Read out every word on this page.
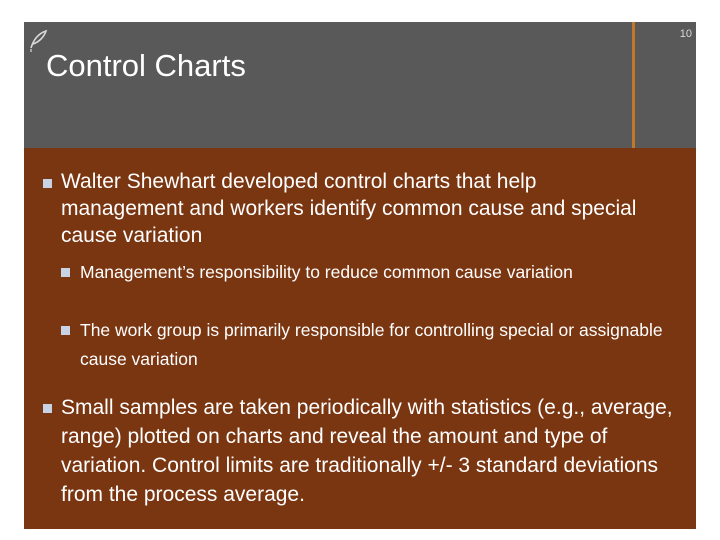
10
Control Charts
Walter Shewhart developed control charts that help management and workers identify common cause and special cause variation
Management’s responsibility to reduce common cause variation
The work group is primarily responsible for controlling special or assignable cause variation
Small samples are taken periodically with statistics (e.g., average, range) plotted on charts and reveal the amount and type of variation. Control limits are traditionally +/- 3 standard deviations from the process average.
